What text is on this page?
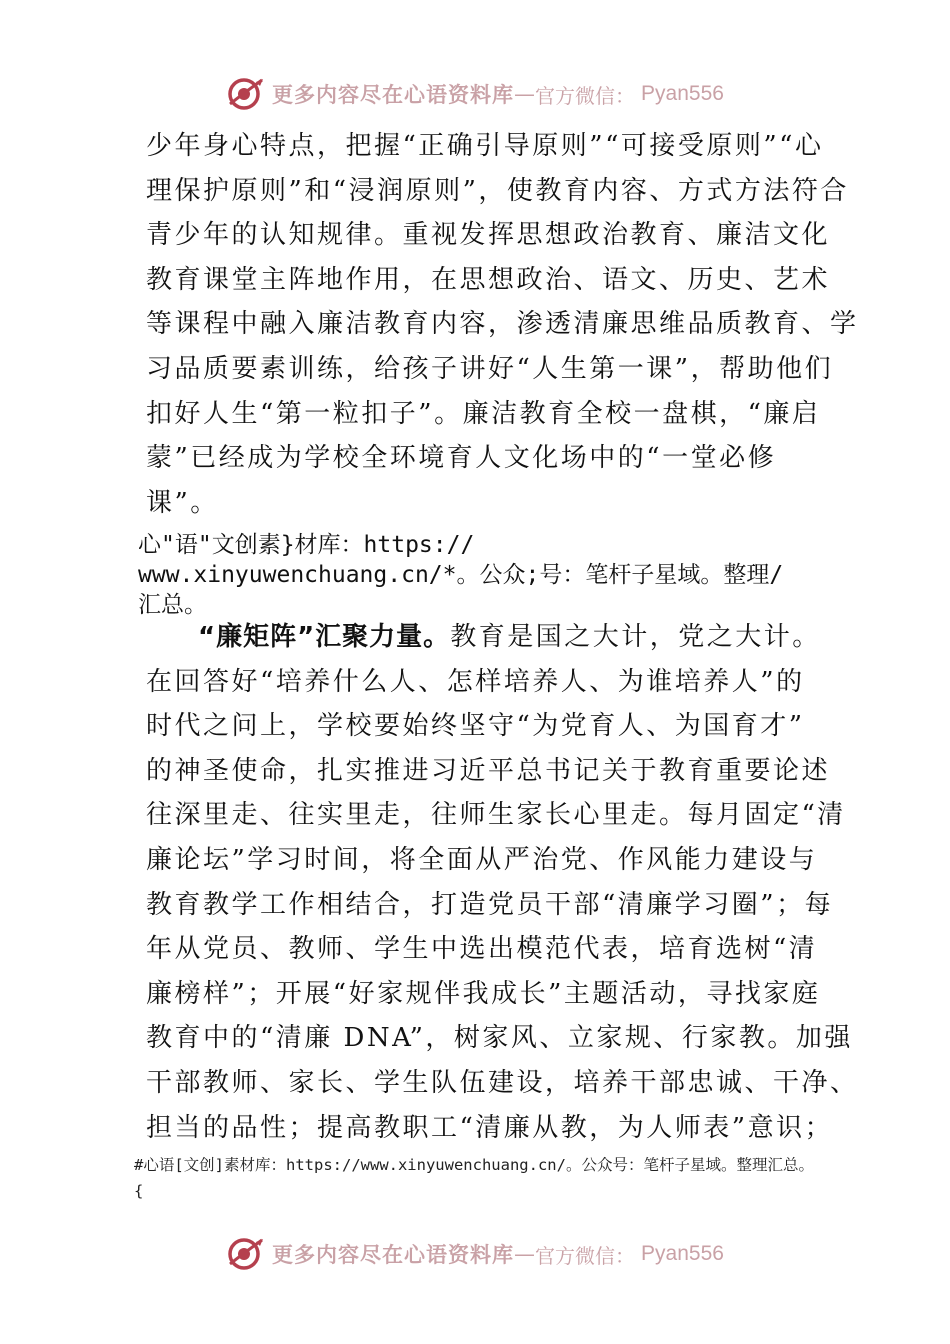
更多内容尽在心语资料库 — 官方微信： Pyan556
少年身心特点，把握“正确引导原则”“可接受原则”“心
理保护原则”和“浸润原则”，使教育内容、方式方法符合
青少年的认知规律。重视发挥思想政治教育、廉洁文化
教育课堂主阵地作用，在思想政治、语文、历史、艺术
等课程中融入廉洁教育内容，渗透清廉思维品质教育、学
习品质要素训练，给孩子讲好“人生第一课”，帮助他们
扣好人生“第一粒扣子”。廉洁教育全校一盘棋，“廉启
蒙”已经成为学校全环境育人文化场中的“一堂必修
课”。
心"语"文创素}材库：https://
www.xinyuwenchuang.cn/*。公众;号：笔杆子星域。整理/
汇总。
“廉矩阵”汇聚力量。教育是国之大计，党之大计。
在回答好“培养什么人、怎样培养人、为谁培养人”的
时代之问上，学校要始终坚守“为党育人、为国育才”
的神圣使命，扎实推进习近平总书记关于教育重要论述
往深里走、往实里走，往师生家长心里走。每月固定“清
廉论坛”学习时间，将全面从严治党、作风能力建设与
教育教学工作相结合，打造党员干部“清廉学习圈”；每
年从党员、教师、学生中选出模范代表，培育选树“清
廉榜样”；开展“好家规伴我成长”主题活动，寻找家庭
教育中的“清廉 DNA”，树家风、立家规、行家教。加强
干部教师、家长、学生队伍建设，培养干部忠诚、干净、
担当的品性；提高教职工“清廉从教，为人师表”意识；
#心语[文创]素材库：https://www.xinyuwenchuang.cn/。公众号：笔杆子星域。整理汇总。
{
更多内容尽在心语资料库 — 官方微信： Pyan556
